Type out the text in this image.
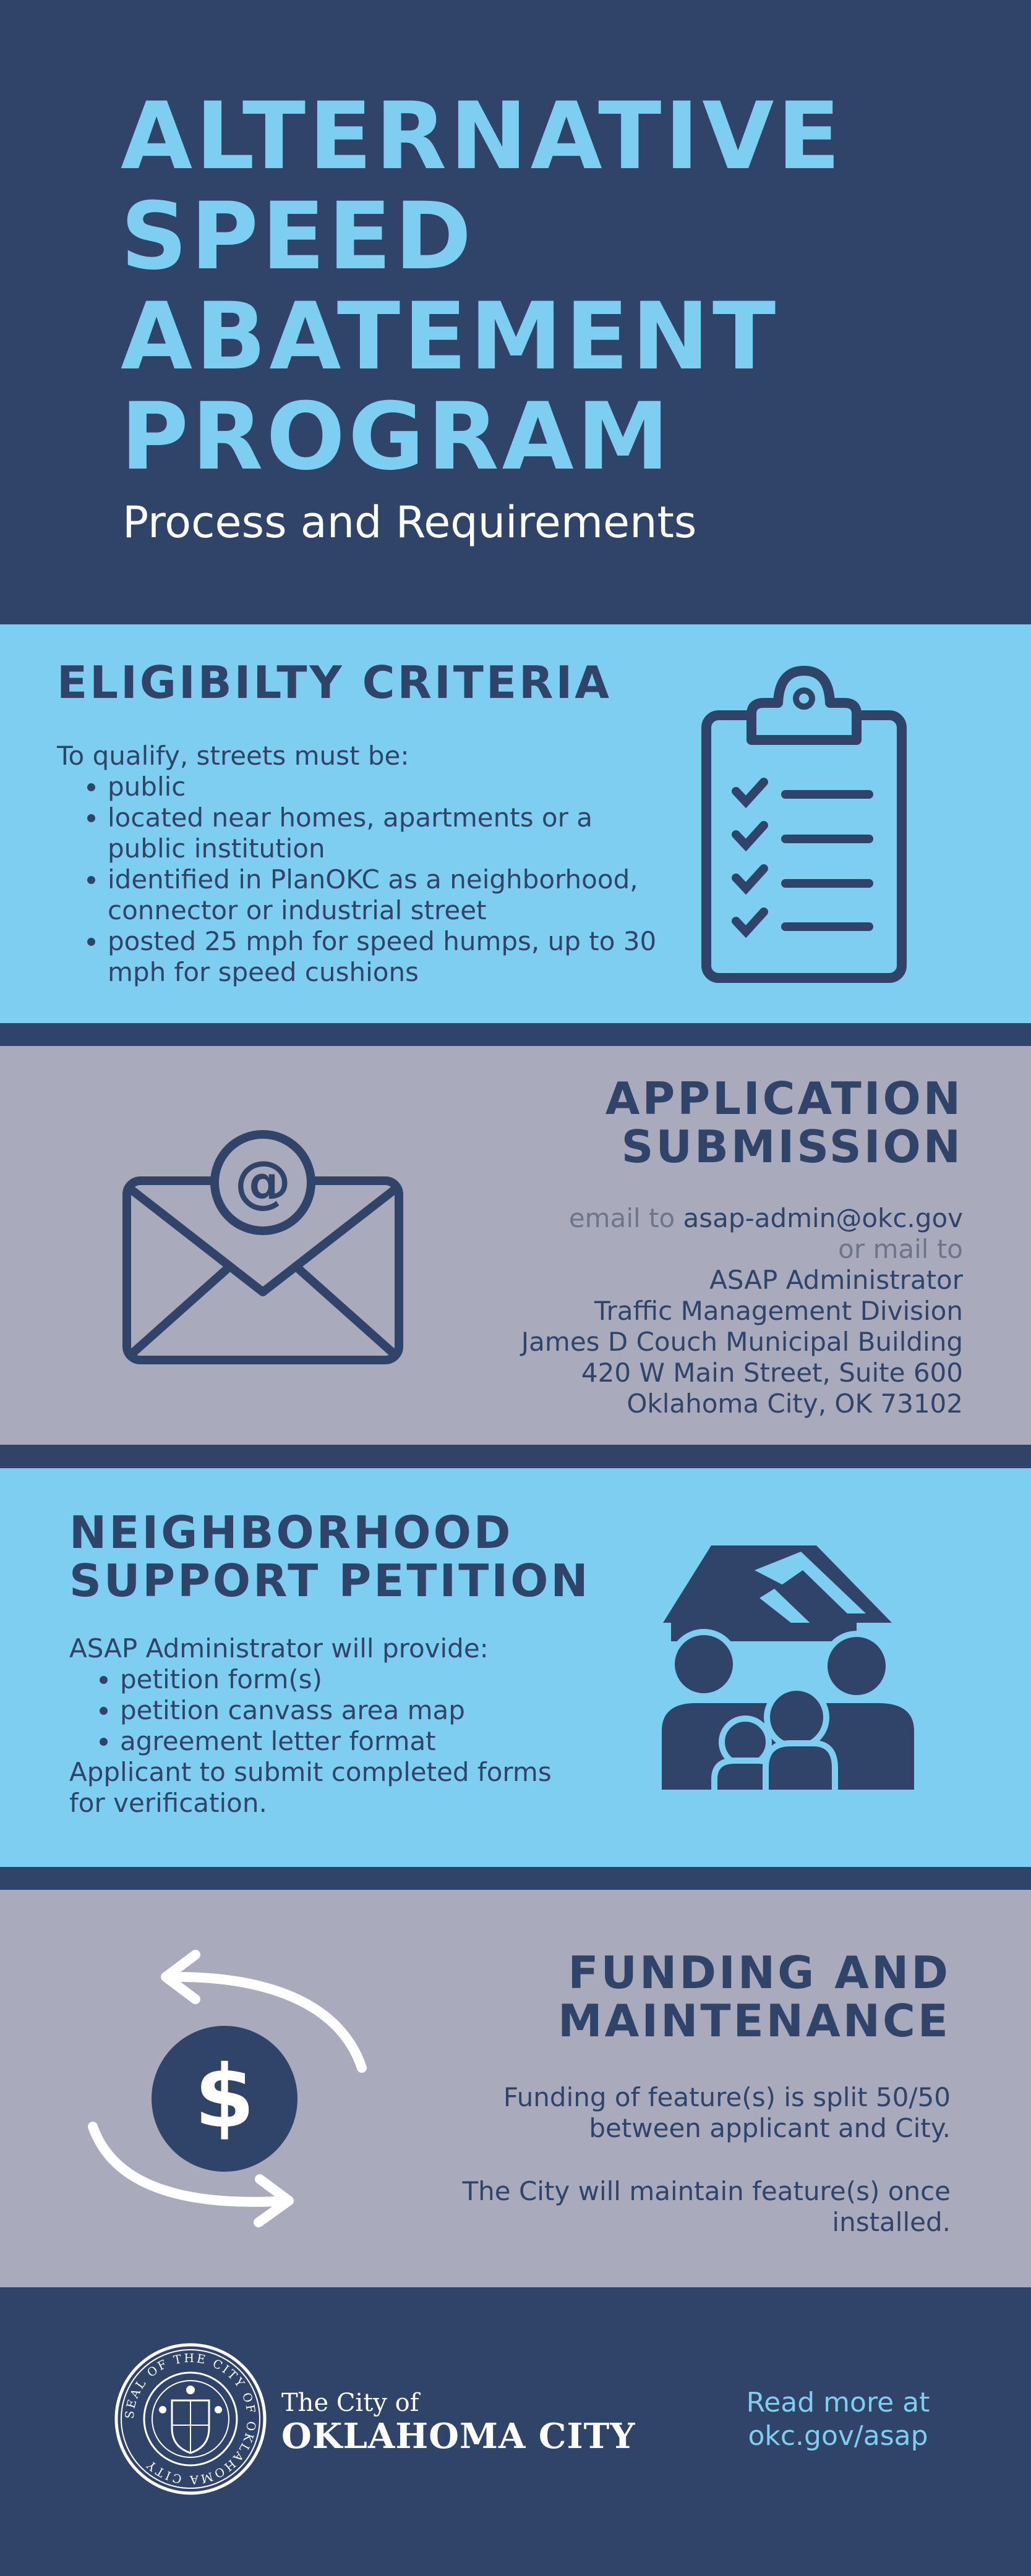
ALTERNATIVE
SPEED
ABATEMENT
PROGRAM
Process and Requirements
ELIGIBILTY CRITERIA
To qualify, streets must be:
• public
• located near homes, apartments or a public institution
• identified in PlanOKC as a neighborhood, connector or industrial street
• posted 25 mph for speed humps, up to 30 mph for speed cushions
APPLICATION
SUBMISSION
email to asap-admin@okc.gov
or mail to
ASAP Administrator
Traffic Management Division
James D Couch Municipal Building
420 W Main Street, Suite 600
Oklahoma City, OK 73102
@
NEIGHBORHOOD
SUPPORT PETITION
ASAP Administrator will provide:
• petition form(s)
• petition canvass area map
• agreement letter format
Applicant to submit completed forms for verification.
FUNDING AND
MAINTENANCE
Funding of feature(s) is split 50/50 between applicant and City.
The City will maintain feature(s) once installed.
$
SEAL OF THE CITY OF OKLAHOMA CITY
The City of
OKLAHOMA CITY
Read more at
okc.gov/asap
